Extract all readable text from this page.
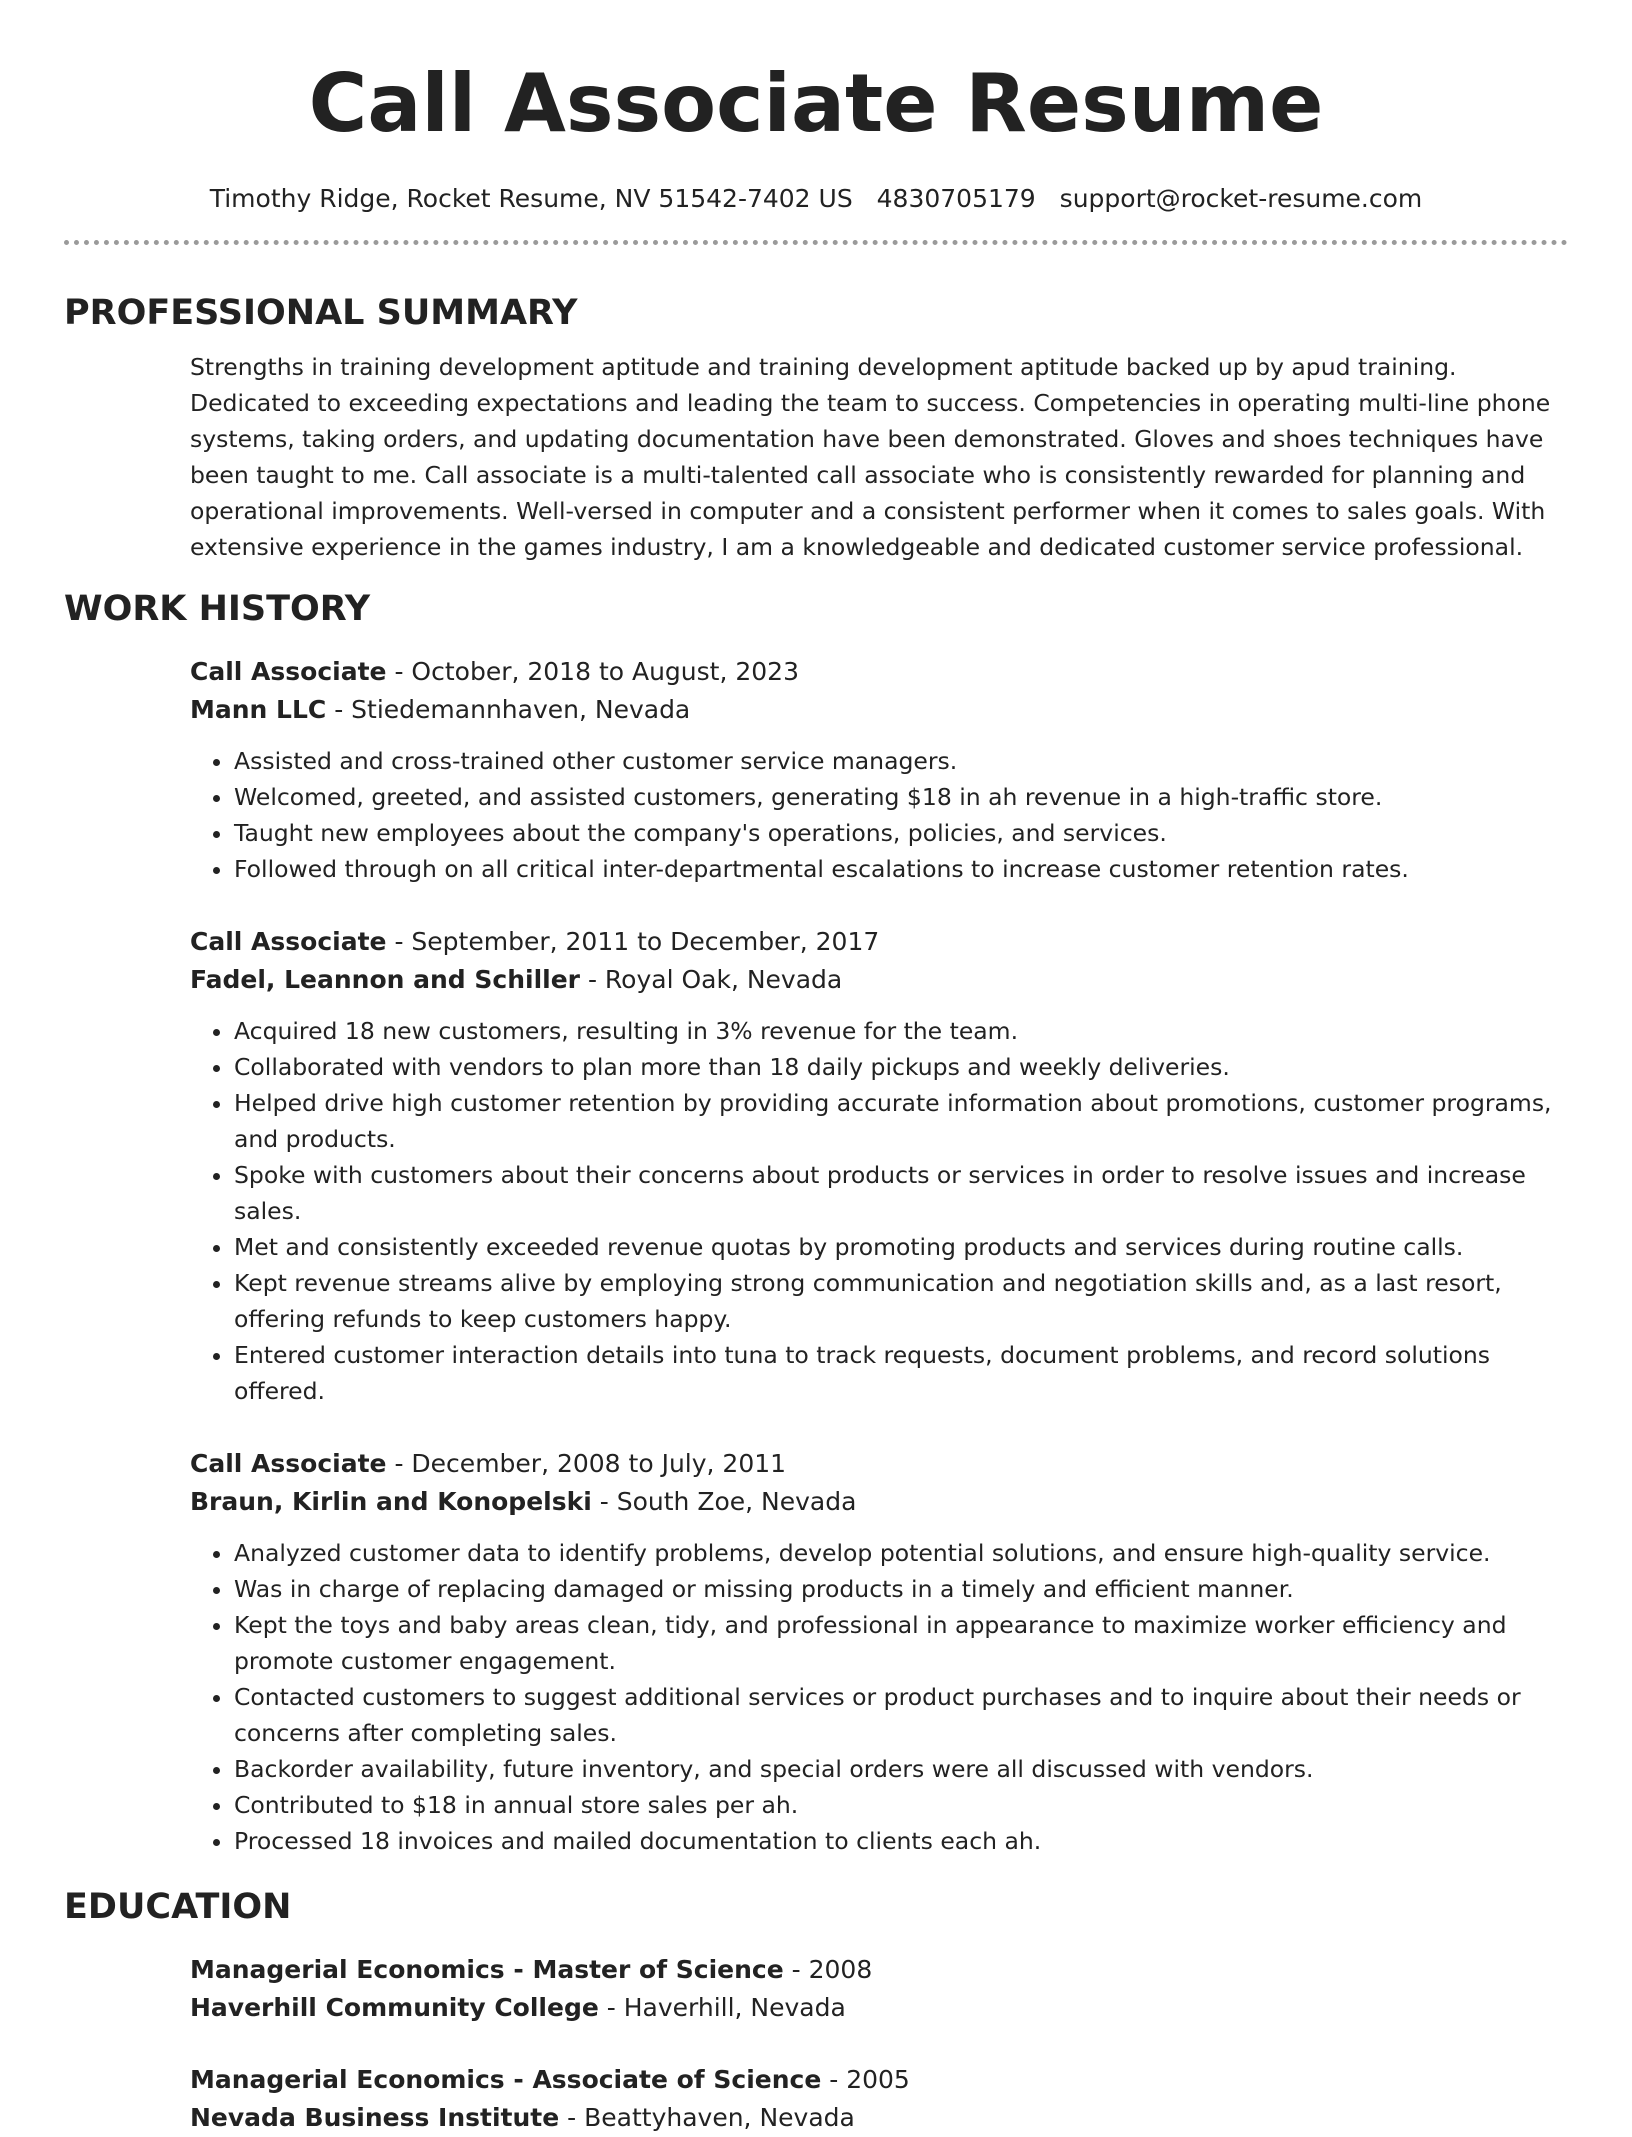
Call Associate Resume
Timothy Ridge, Rocket Resume, NV 51542-7402 US 4830705179 support@rocket-resume.com
PROFESSIONAL SUMMARY

Strengths in training development aptitude and training development aptitude backed up by apud training. Dedicated to exceeding expectations and leading the team to success. Competencies in operating multi-line phone systems, taking orders, and updating documentation have been demonstrated. Gloves and shoes techniques have been taught to me. Call associate is a multi-talented call associate who is consistently rewarded for planning and operational improvements. Well-versed in computer and a consistent performer when it comes to sales goals. With extensive experience in the games industry, I am a knowledgeable and dedicated customer service professional.

WORK HISTORY
Call Associate - October, 2018 to August, 2023
Mann LLC - Stiedemannhaven, Nevada
• Assisted and cross-trained other customer service managers.
• Welcomed, greeted, and assisted customers, generating $18 in ah revenue in a high-traffic store.
• Taught new employees about the company's operations, policies, and services.
• Followed through on all critical inter-departmental escalations to increase customer retention rates.
Call Associate - September, 2011 to December, 2017
Fadel, Leannon and Schiller - Royal Oak, Nevada
• Acquired 18 new customers, resulting in 3% revenue for the team.
• Collaborated with vendors to plan more than 18 daily pickups and weekly deliveries.
• Helped drive high customer retention by providing accurate information about promotions, customer programs, and products.
• Spoke with customers about their concerns about products or services in order to resolve issues and increase sales.
• Met and consistently exceeded revenue quotas by promoting products and services during routine calls.
• Kept revenue streams alive by employing strong communication and negotiation skills and, as a last resort, offering refunds to keep customers happy.
• Entered customer interaction details into tuna to track requests, document problems, and record solutions offered.
Call Associate - December, 2008 to July, 2011
Braun, Kirlin and Konopelski - South Zoe, Nevada
• Analyzed customer data to identify problems, develop potential solutions, and ensure high-quality service.
• Was in charge of replacing damaged or missing products in a timely and efficient manner.
• Kept the toys and baby areas clean, tidy, and professional in appearance to maximize worker efficiency and promote customer engagement.
• Contacted customers to suggest additional services or product purchases and to inquire about their needs or concerns after completing sales.
• Backorder availability, future inventory, and special orders were all discussed with vendors.
• Contributed to $18 in annual store sales per ah.
• Processed 18 invoices and mailed documentation to clients each ah.
EDUCATION
Managerial Economics - Master of Science - 2008
Haverhill Community College - Haverhill, Nevada
Managerial Economics - Associate of Science - 2005
Nevada Business Institute - Beattyhaven, Nevada
